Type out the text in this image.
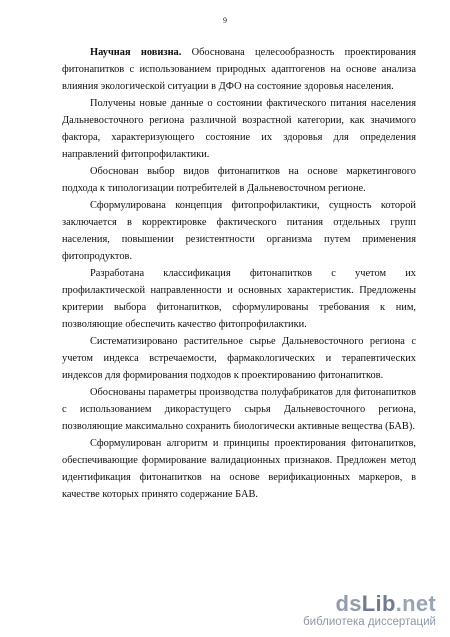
9

Научная новизна. Обоснована целесообразность проектирования фитонапитков с использованием природных адаптогенов на основе анализа влияния экологической ситуации в ДФО на состояние здоровья населения.

Получены новые данные о состоянии фактического питания населения Дальневосточного региона различной возрастной категории, как значимого фактора, характеризующего состояние их здоровья для определения направлений фитопрофилактики.

Обоснован выбор видов фитонапитков на основе маркетингового подхода к типологизации потребителей в Дальневосточном регионе.

Сформулирована концепция фитопрофилактики, сущность которой заключается в корректировке фактического питания отдельных групп населения, повышении резистентности организма путем применения фитопродуктов.

Разработана классификация фитонапитков с учетом их профилактической направленности и основных характеристик. Предложены критерии выбора фитонапитков, сформулированы требования к ним, позволяющие обеспечить качество фитопрофилактики.

Систематизировано растительное сырье Дальневосточного региона с учетом индекса встречаемости, фармакологических и терапевтических индексов для формирования подходов к проектированию фитонапитков.

Обоснованы параметры производства полуфабрикатов для фитонапитков с использованием дикорастущего сырья Дальневосточного региона, позволяющие максимально сохранить биологически активные вещества (БАВ).

Сформулирован алгоритм и принципы проектирования фитонапитков, обеспечивающие формирование валидационных признаков. Предложен метод идентификация фитонапитков на основе верификационных маркеров, в качестве которых принято содержание БАВ.

dsLib.net
библиотека диссертаций
